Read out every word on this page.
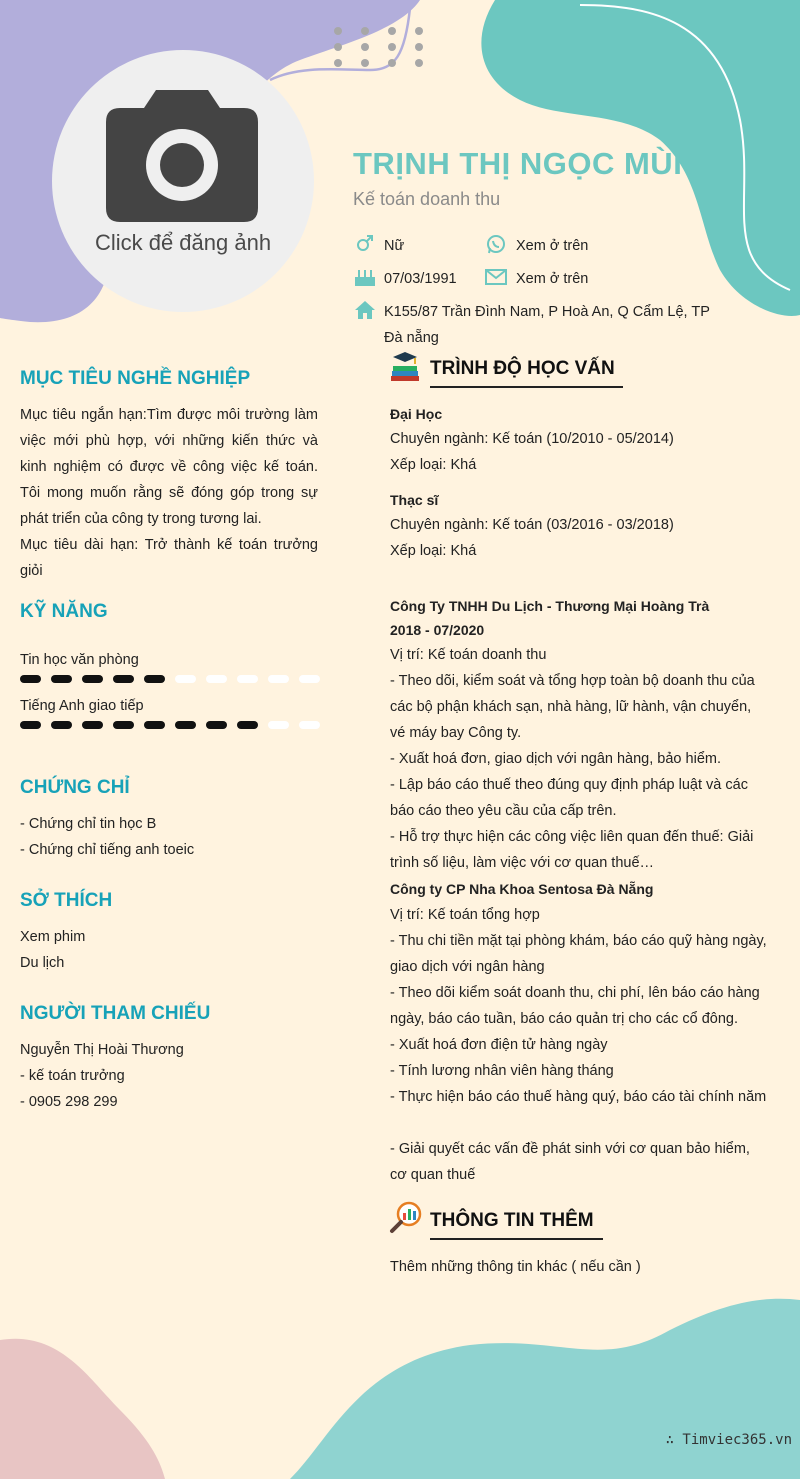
Click để đăng ảnh
TRỊNH THỊ NGỌC MÙI
Kế toán doanh thu
Nữ	Xem ở trên
07/03/1991	Xem ở trên
K155/87 Trần Đình Nam, P Hoà An, Q Cẩm Lệ, TP
Đà nẵng
MỤC TIÊU NGHỀ NGHIỆP
Mục tiêu ngắn hạn:Tìm được môi trường làm việc mới phù hợp, với những kiến thức và kinh nghiệm có được về công việc kế toán. Tôi mong muốn rằng sẽ đóng góp trong sự phát triển của công ty trong tương lai.
Mục tiêu dài hạn: Trở thành kế toán trưởng giỏi
KỸ NĂNG
Tin học văn phòng
Tiếng Anh giao tiếp
CHỨNG CHỈ
- Chứng chỉ tin học B
- Chứng chỉ tiếng anh toeic
SỞ THÍCH
Xem phim
Du lịch
NGƯỜI THAM CHIẾU
Nguyễn Thị Hoài Thương
- kế toán trưởng
- 0905 298 299
TRÌNH ĐỘ HỌC VẤN
Đại Học
Chuyên ngành: Kế toán (10/2010 - 05/2014)
Xếp loại: Khá
Thạc sĩ
Chuyên ngành: Kế toán (03/2016 - 03/2018)
Xếp loại: Khá
Công Ty TNHH Du Lịch - Thương Mại Hoàng Trà
2018 - 07/2020
Vị trí: Kế toán doanh thu
- Theo dõi, kiểm soát và tổng hợp toàn bộ doanh thu của các bộ phận khách sạn, nhà hàng, lữ hành, vận chuyển, vé máy bay Công ty.
- Xuất hoá đơn, giao dịch với ngân hàng, bảo hiểm.
- Lập báo cáo thuế theo đúng quy định pháp luật và các báo cáo theo yêu cầu của cấp trên.
- Hỗ trợ thực hiện các công việc liên quan đến thuế: Giải trình số liệu, làm việc với cơ quan thuế…
Công ty CP Nha Khoa Sentosa Đà Nẵng
Vị trí: Kế toán tổng hợp
- Thu chi tiền mặt tại phòng khám, báo cáo quỹ hàng ngày, giao dịch với ngân hàng
- Theo dõi kiểm soát doanh thu, chi phí, lên báo cáo hàng ngày, báo cáo tuần, báo cáo quản trị cho các cổ đông.
- Xuất hoá đơn điện tử hàng ngày
- Tính lương nhân viên hàng tháng
- Thực hiện báo cáo thuế hàng quý, báo cáo tài chính năm
- Giải quyết các vấn đề phát sinh với cơ quan bảo hiểm, cơ quan thuế
THÔNG TIN THÊM
Thêm những thông tin khác ( nếu cần )
∴ Timviec365.vn
